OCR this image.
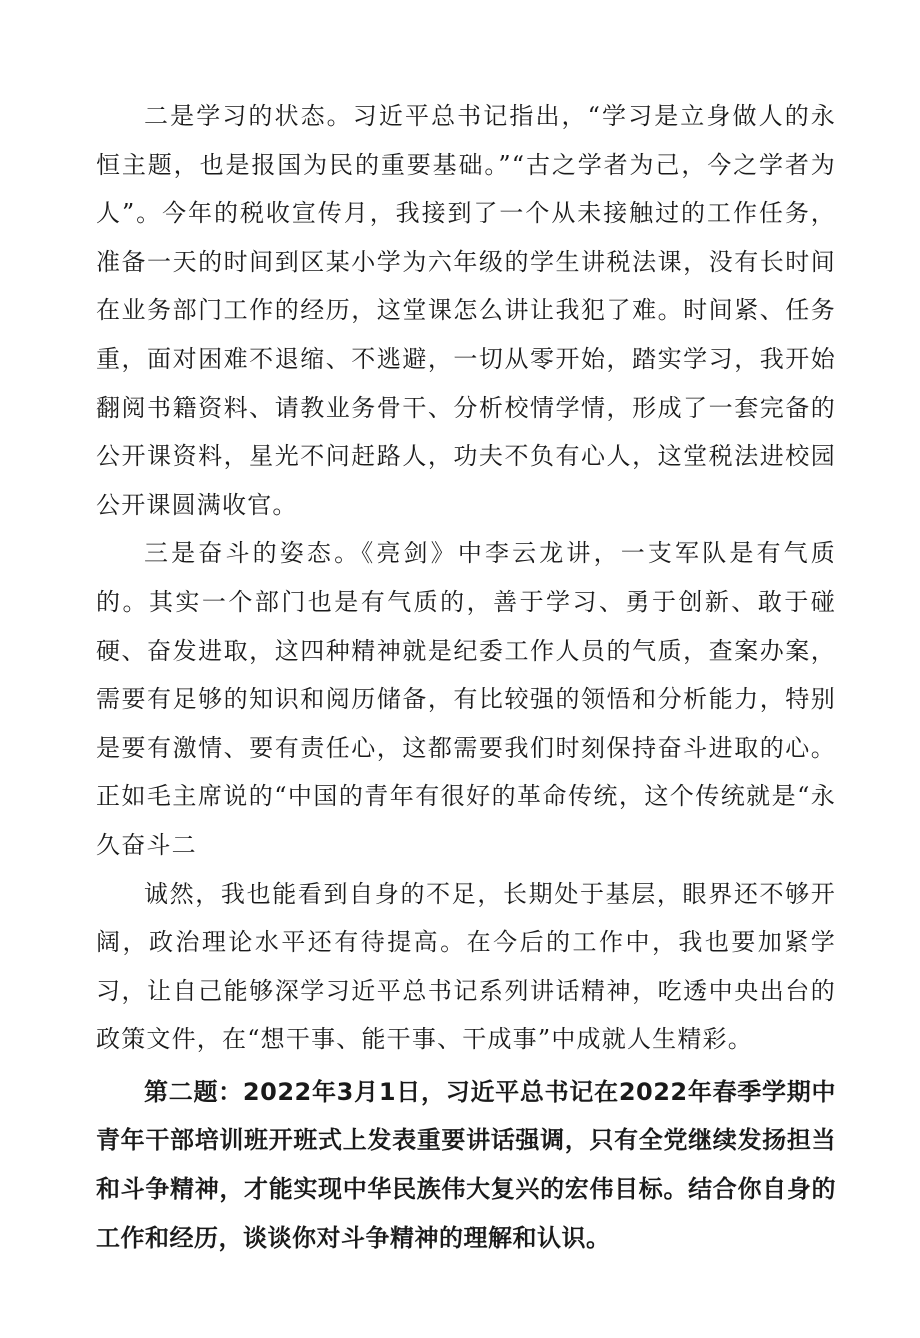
二是学习的状态。习近平总书记指出，“学习是立身做人的永恒主题，也是报国为民的重要基础。”“古之学者为己，今之学者为人”。今年的税收宣传月，我接到了一个从未接触过的工作任务，准备一天的时间到区某小学为六年级的学生讲税法课，没有长时间在业务部门工作的经历，这堂课怎么讲让我犯了难。时间紧、任务重，面对困难不退缩、不逃避，一切从零开始，踏实学习，我开始翻阅书籍资料、请教业务骨干、分析校情学情，形成了一套完备的公开课资料，星光不问赶路人，功夫不负有心人，这堂税法进校园公开课圆满收官。

三是奋斗的姿态。《亮剑》中李云龙讲，一支军队是有气质的。其实一个部门也是有气质的，善于学习、勇于创新、敢于碰硬、奋发进取，这四种精神就是纪委工作人员的气质，查案办案，需要有足够的知识和阅历储备，有比较强的领悟和分析能力，特别是要有激情、要有责任心，这都需要我们时刻保持奋斗进取的心。正如毛主席说的“中国的青年有很好的革命传统，这个传统就是“永久奋斗二

诚然，我也能看到自身的不足，长期处于基层，眼界还不够开阔，政治理论水平还有待提高。在今后的工作中，我也要加紧学习，让自己能够深学习近平总书记系列讲话精神，吃透中央出台的政策文件，在“想干事、能干事、干成事”中成就人生精彩。

第二题：2022年3月1日，习近平总书记在2022年春季学期中青年干部培训班开班式上发表重要讲话强调，只有全党继续发扬担当和斗争精神，才能实现中华民族伟大复兴的宏伟目标。结合你自身的工作和经历，谈谈你对斗争精神的理解和认识。
